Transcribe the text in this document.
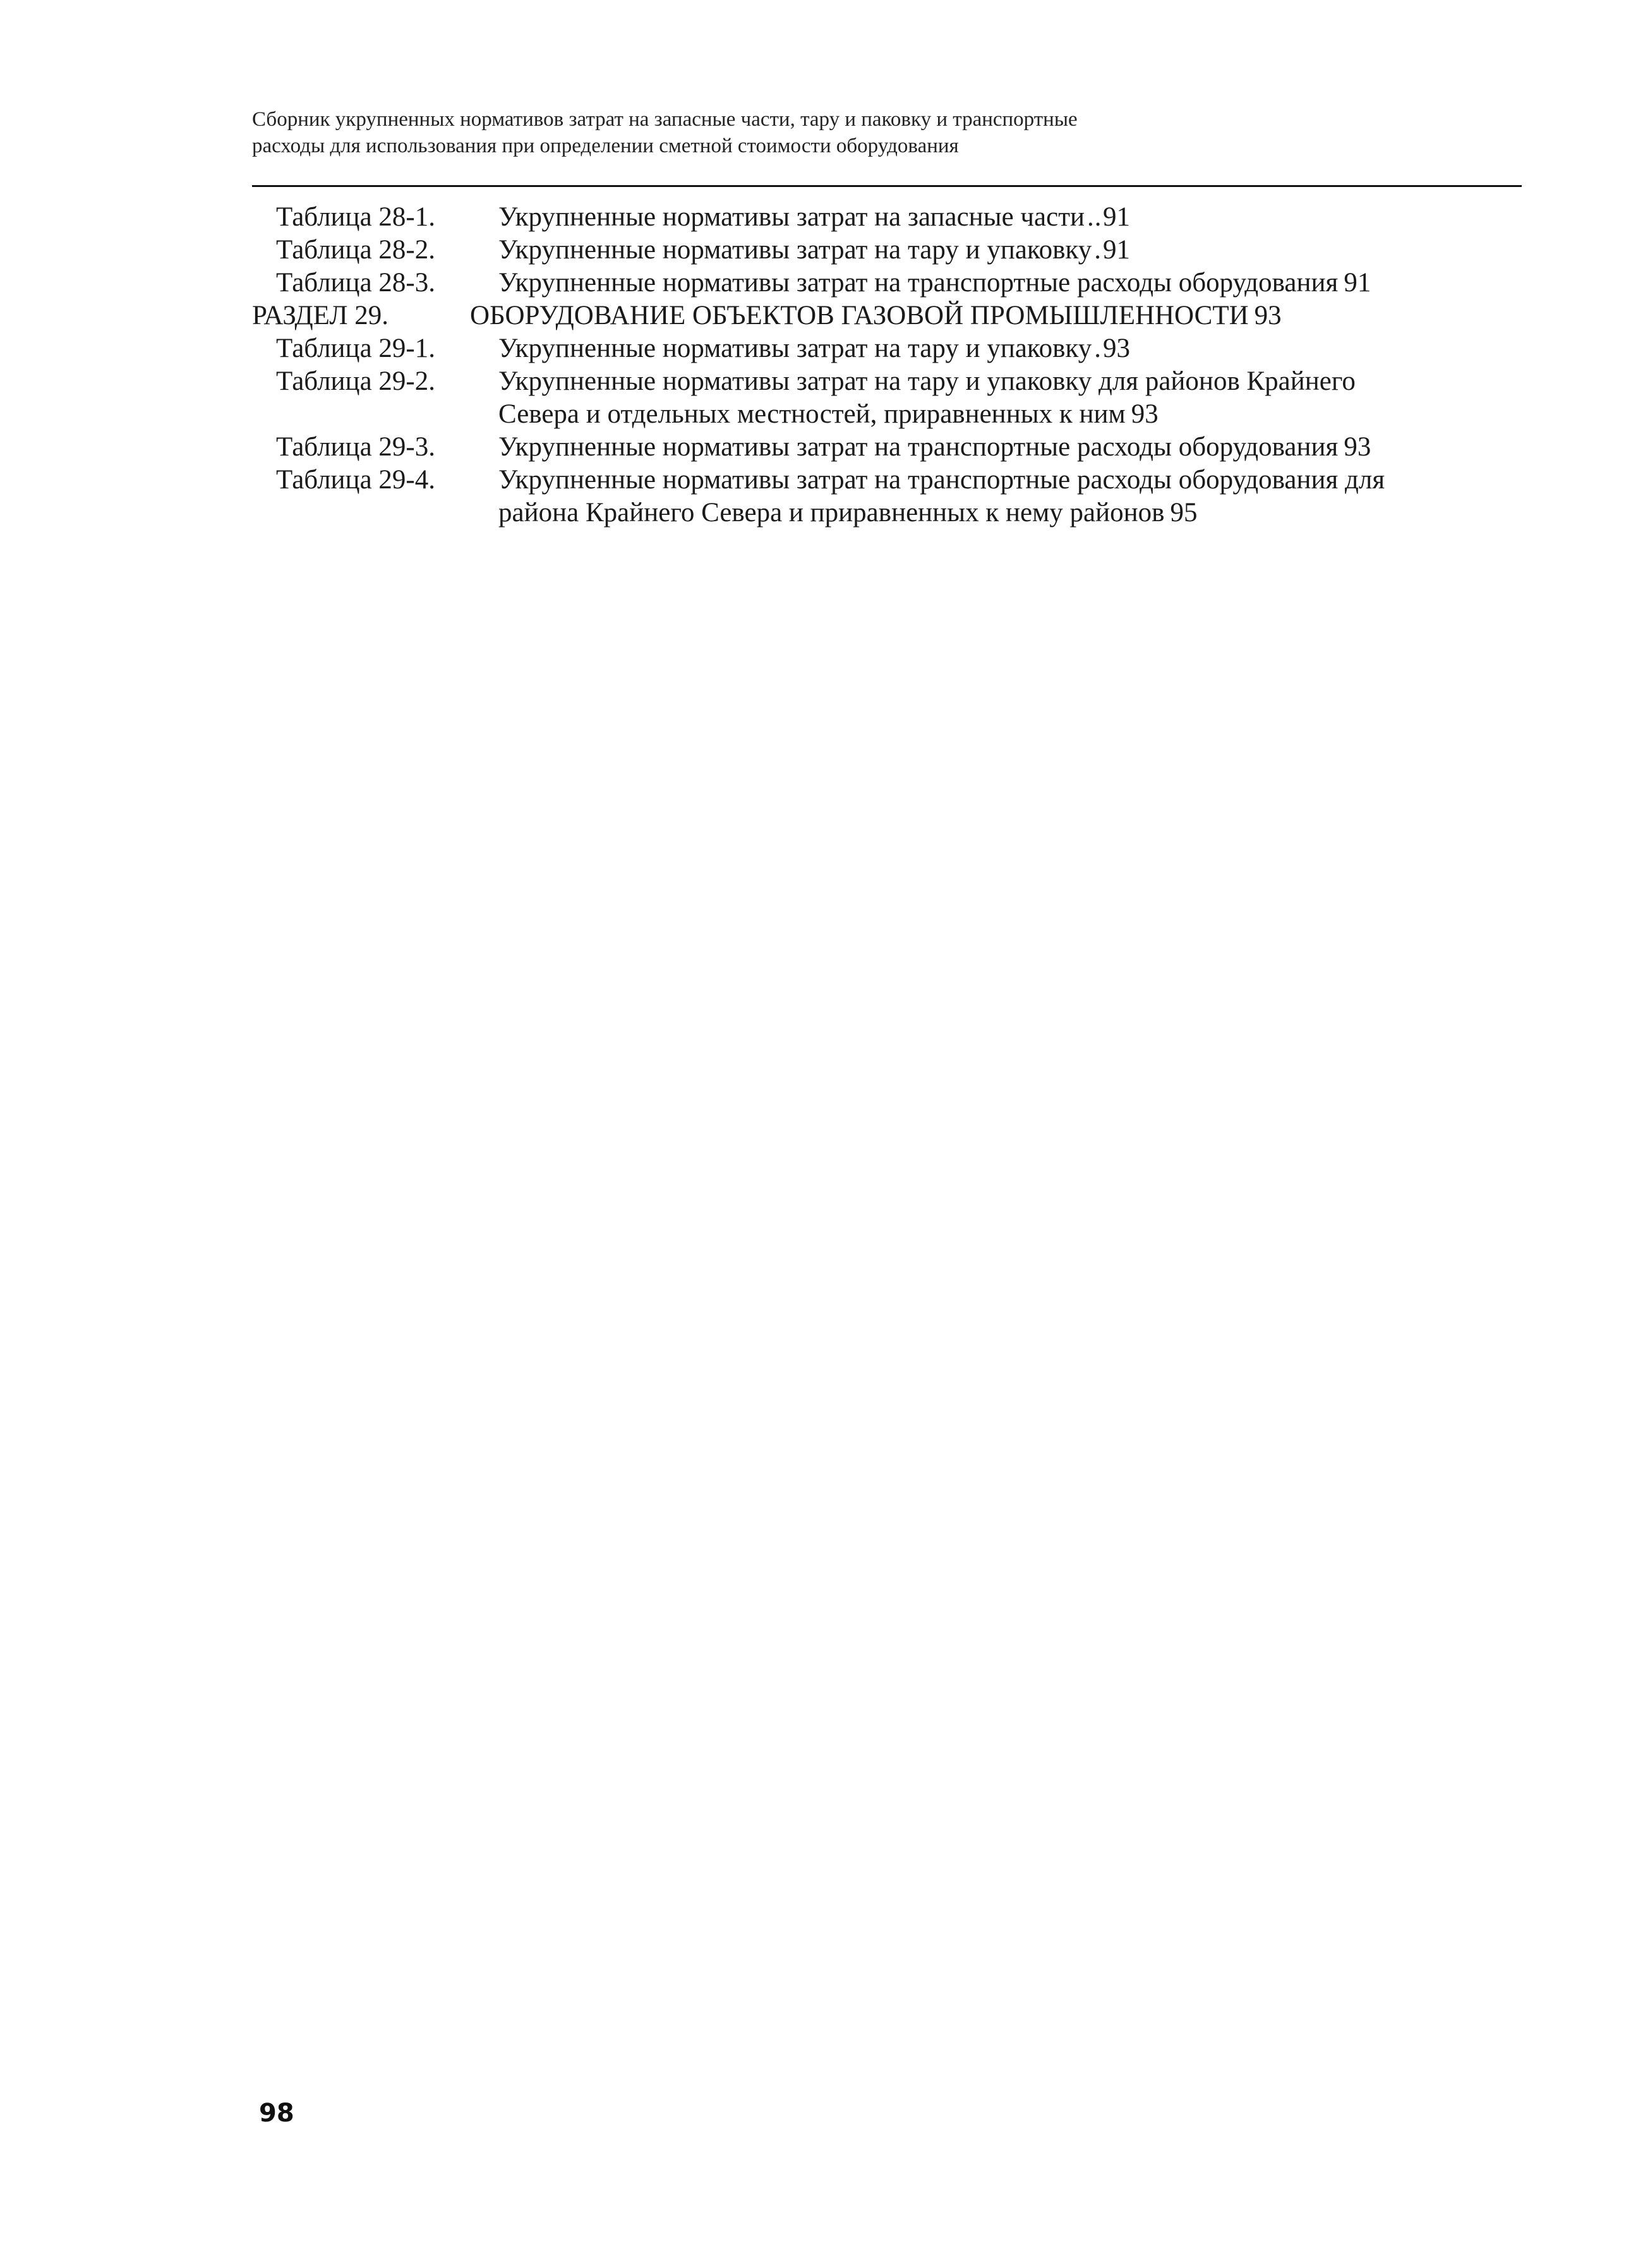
Сборник укрупненных нормативов затрат на запасные части, тару и паковку и транспортные
расходы для использования при определении сметной стоимости оборудования
Таблица 28-1. Укрупненные нормативы затрат на запасные части ..... 91
Таблица 28-2. Укрупненные нормативы затрат на тару и упаковку ..... 91
Таблица 28-3. Укрупненные нормативы затрат на транспортные расходы оборудования 91
РАЗДЕЛ 29.	ОБОРУДОВАНИЕ ОБЪЕКТОВ ГАЗОВОЙ ПРОМЫШЛЕННОСТИ 93
Таблица 29-1. Укрупненные нормативы затрат на тару и упаковку ..... 93
Таблица 29-2. Укрупненные нормативы затрат на тару и упаковку для районов Крайнего
Севера и отдельных местностей, приравненных к ним 93
Таблица 29-3. Укрупненные нормативы затрат на транспортные расходы оборудования 93
Таблица 29-4. Укрупненные нормативы затрат на транспортные расходы оборудования для
района Крайнего Севера и приравненных к нему районов 95
98
